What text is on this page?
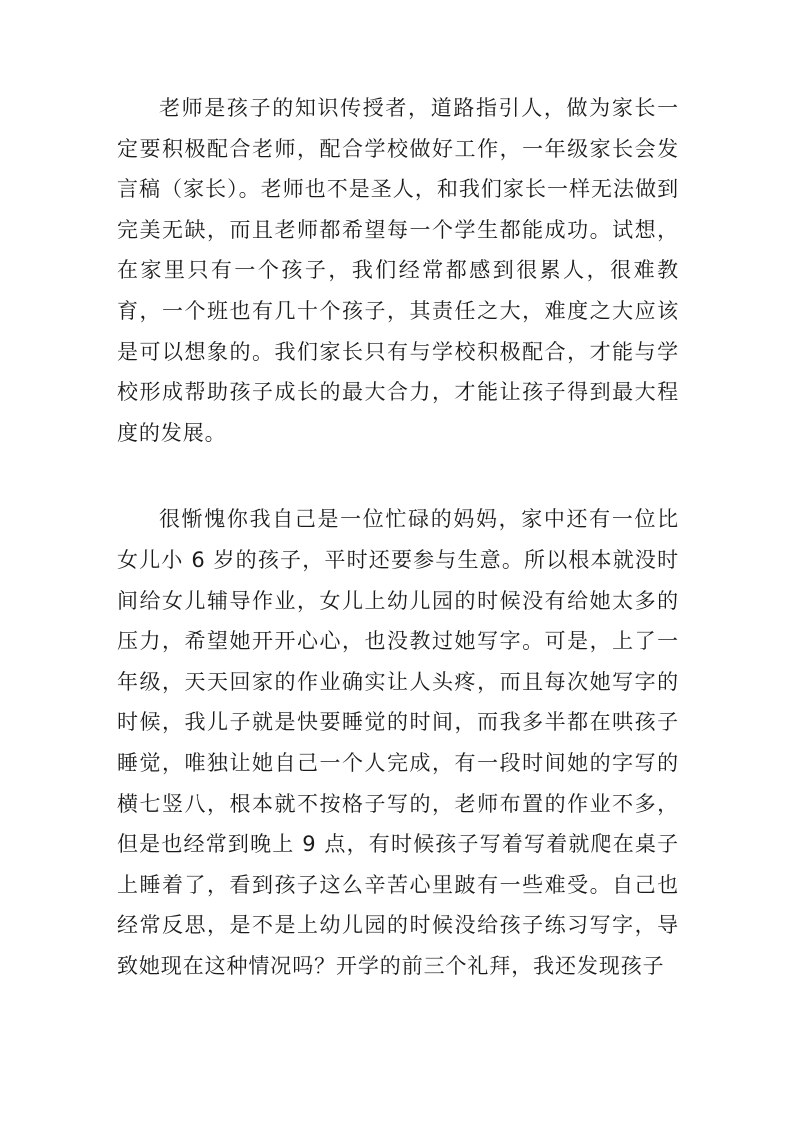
老师是孩子的知识传授者，道路指引人，做为家长一定要积极配合老师，配合学校做好工作，一年级家长会发言稿（家长）。老师也不是圣人，和我们家长一样无法做到完美无缺，而且老师都希望每一个学生都能成功。试想，在家里只有一个孩子，我们经常都感到很累人，很难教育，一个班也有几十个孩子，其责任之大，难度之大应该是可以想象的。我们家长只有与学校积极配合，才能与学校形成帮助孩子成长的最大合力，才能让孩子得到最大程度的发展。

很惭愧你我自己是一位忙碌的妈妈，家中还有一位比女儿小 6 岁的孩子，平时还要参与生意。所以根本就没时间给女儿辅导作业，女儿上幼儿园的时候没有给她太多的压力，希望她开开心心，也没教过她写字。可是，上了一年级，天天回家的作业确实让人头疼，而且每次她写字的时候，我儿子就是快要睡觉的时间，而我多半都在哄孩子睡觉，唯独让她自己一个人完成，有一段时间她的字写的横七竖八，根本就不按格子写的，老师布置的作业不多，但是也经常到晚上 9 点，有时候孩子写着写着就爬在桌子上睡着了，看到孩子这么辛苦心里跛有一些难受。自己也经常反思，是不是上幼儿园的时候没给孩子练习写字，导致她现在这种情况吗？开学的前三个礼拜，我还发现孩子
